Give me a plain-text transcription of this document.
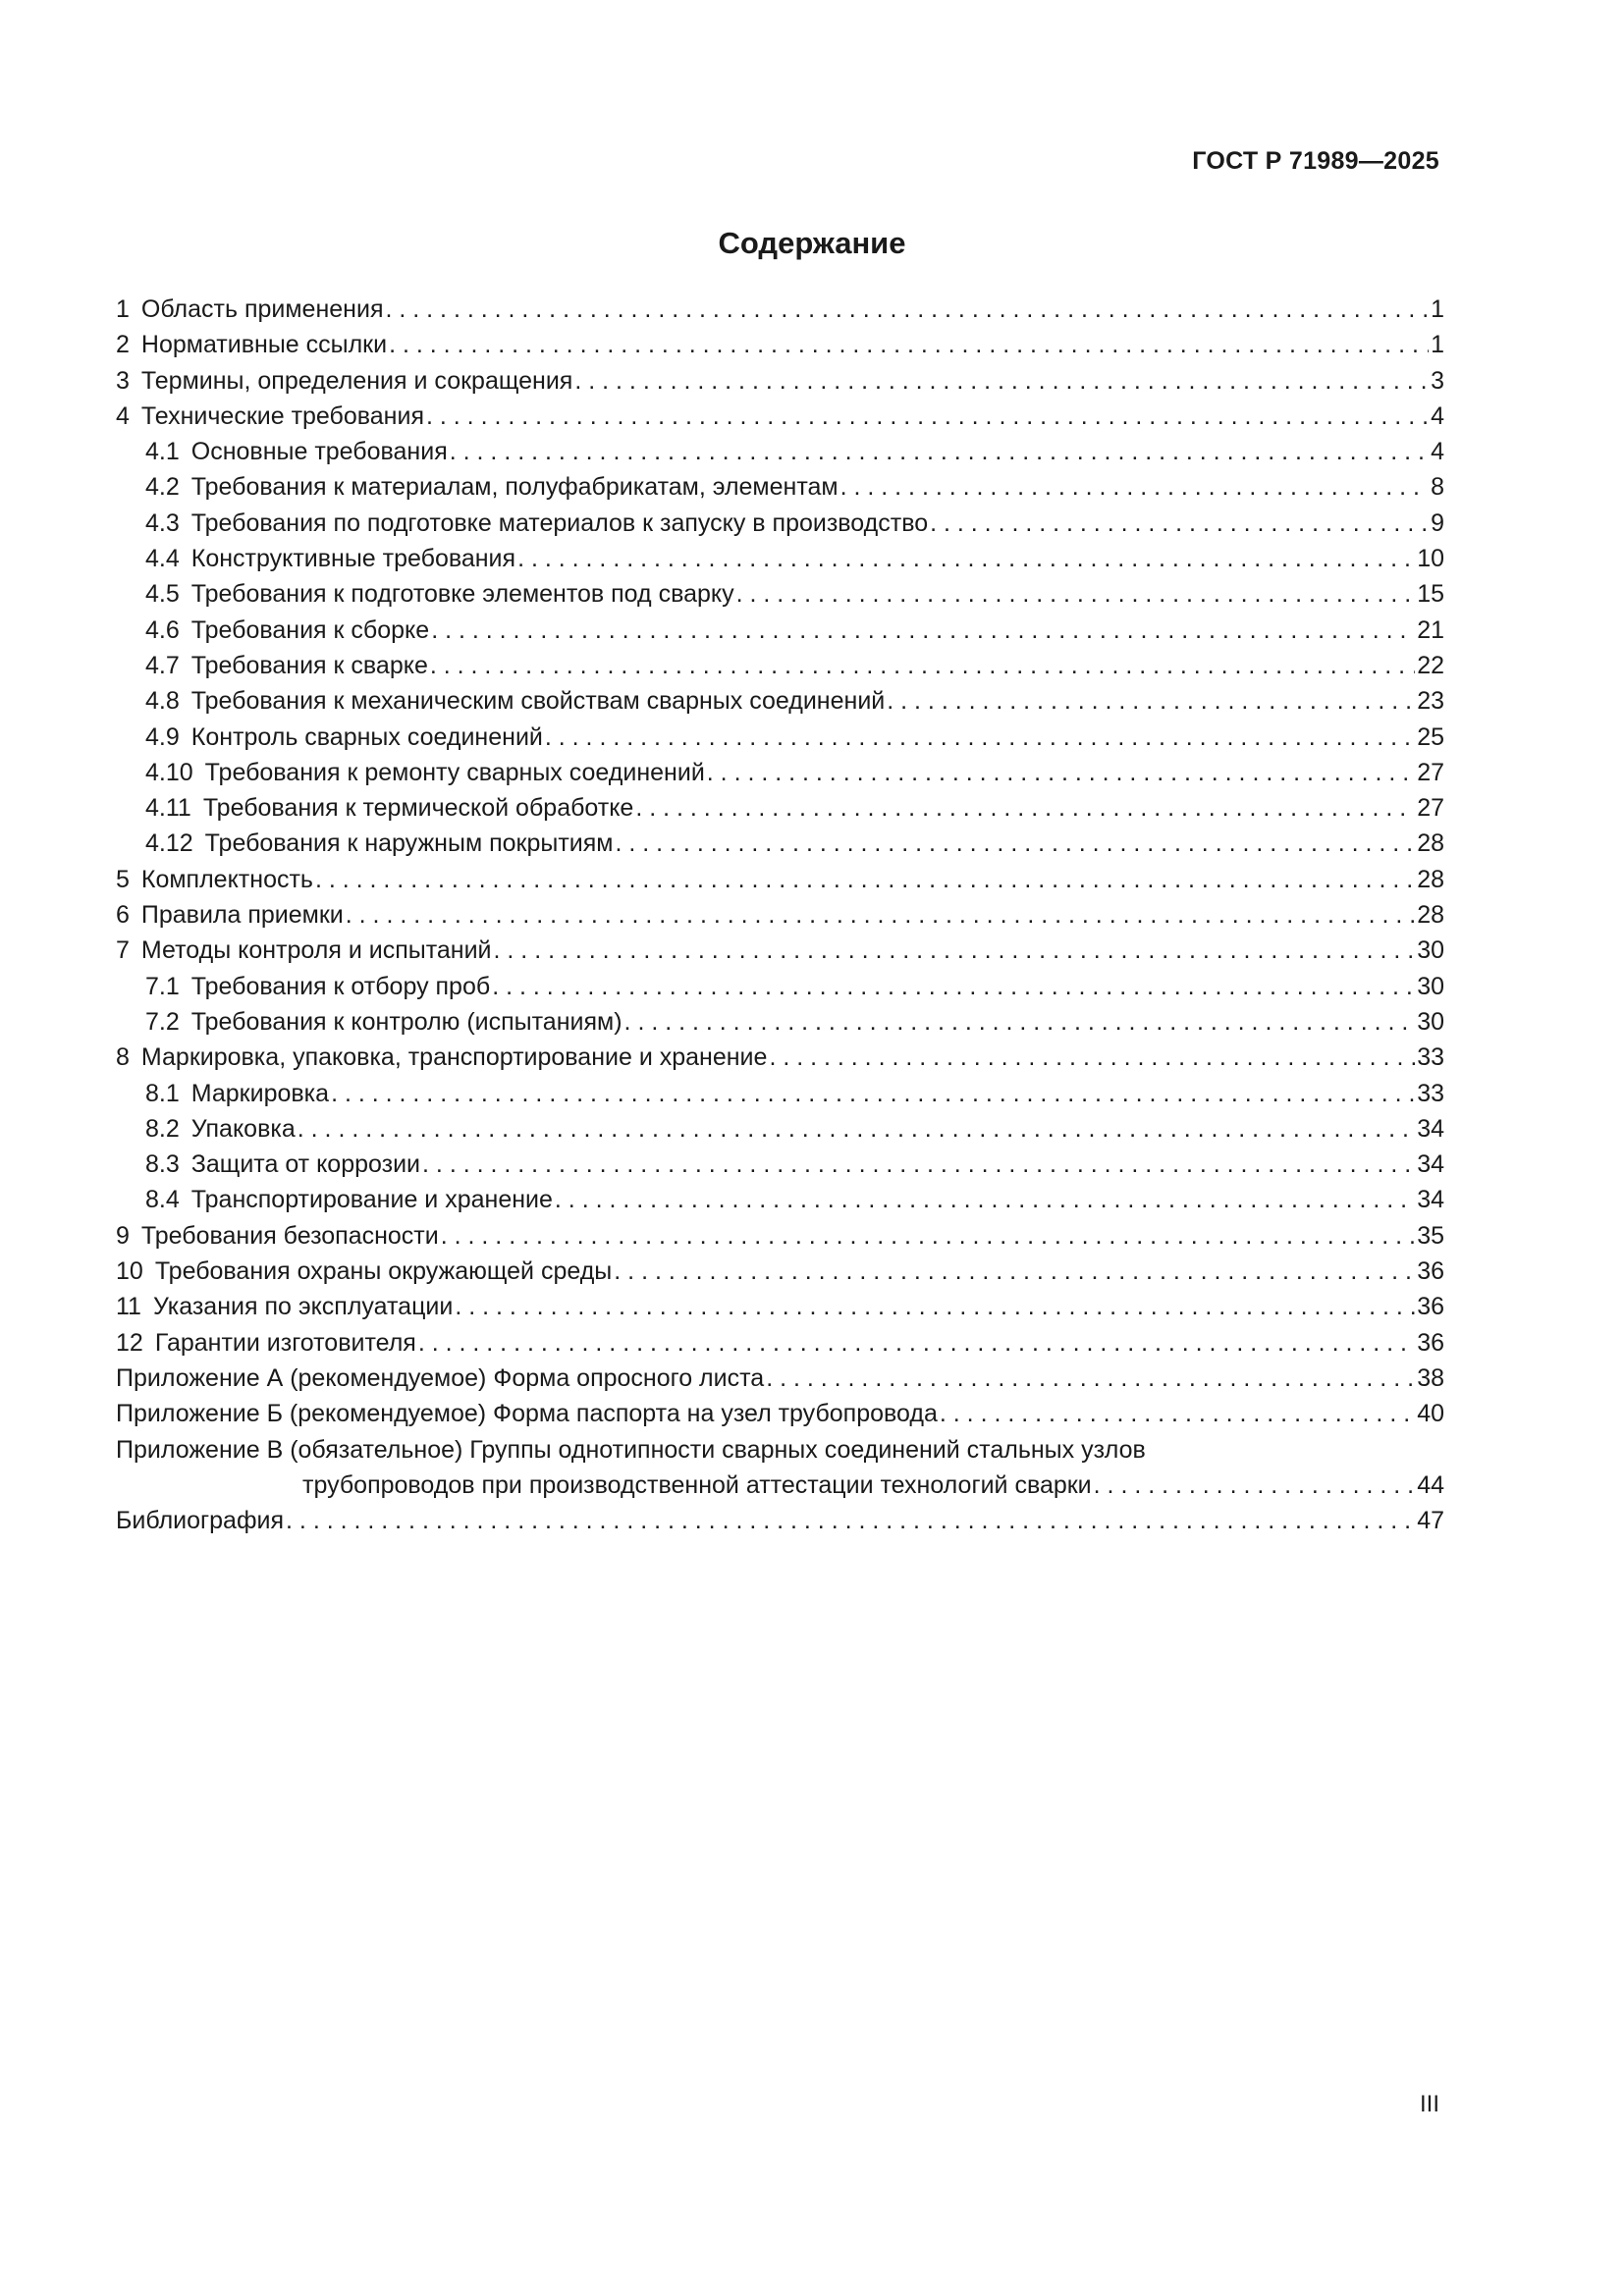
ГОСТ Р 71989—2025
Содержание
1 Область применения . . .	1
2 Нормативные ссылки . . .	1
3 Термины, определения и сокращения . . .	3
4 Технические требования . . .	4
4.1 Основные требования . . .	4
4.2 Требования к материалам, полуфабрикатам, элементам . . .	8
4.3 Требования по подготовке материалов к запуску в производство . . .	9
4.4 Конструктивные требования . . .	10
4.5 Требования к подготовке элементов под сварку . . .	15
4.6 Требования к сборке . . .	21
4.7 Требования к сварке . . .	22
4.8 Требования к механическим свойствам сварных соединений . . .	23
4.9 Контроль сварных соединений . . .	25
4.10 Требования к ремонту сварных соединений . . .	27
4.11 Требования к термической обработке . . .	27
4.12 Требования к наружным покрытиям . . .	28
5 Комплектность . . .	28
6 Правила приемки . . .	28
7 Методы контроля и испытаний . . .	30
7.1 Требования к отбору проб . . .	30
7.2 Требования к контролю (испытаниям) . . .	30
8 Маркировка, упаковка, транспортирование и хранение . . .	33
8.1 Маркировка . . .	33
8.2 Упаковка . . .	34
8.3 Защита от коррозии . . .	34
8.4 Транспортирование и хранение . . .	34
9 Требования безопасности . . .	35
10 Требования охраны окружающей среды . . .	36
11 Указания по эксплуатации . . .	36
12 Гарантии изготовителя . . .	36
Приложение А (рекомендуемое) Форма опросного листа . . .	38
Приложение Б (рекомендуемое) Форма паспорта на узел трубопровода . . .	40
Приложение В (обязательное) Группы однотипности сварных соединений стальных узлов
трубопроводов при производственной аттестации технологий сварки . . .	44
Библиография . . .	47
III
